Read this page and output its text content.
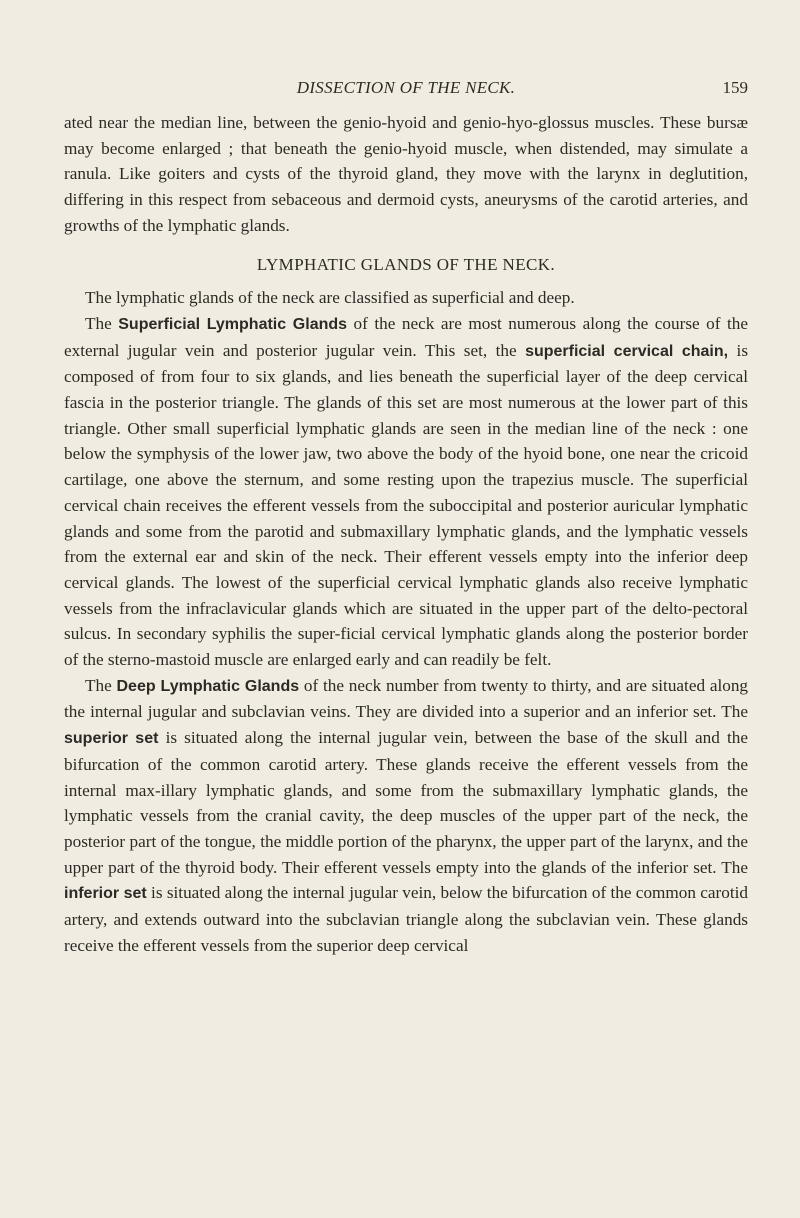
DISSECTION OF THE NECK.	159

ated near the median line, between the genio-hyoid and genio-hyo-glossus muscles. These bursæ may become enlarged ; that beneath the genio-hyoid muscle, when distended, may simulate a ranula. Like goiters and cysts of the thyroid gland, they move with the larynx in deglutition, differing in this respect from sebaceous and dermoid cysts, aneurysms of the carotid arteries, and growths of the lymphatic glands.

LYMPHATIC GLANDS OF THE NECK.

The lymphatic glands of the neck are classified as superficial and deep.

The Superficial Lymphatic Glands of the neck are most numerous along the course of the external jugular vein and posterior jugular vein. This set, the superficial cervical chain, is composed of from four to six glands, and lies beneath the superficial layer of the deep cervical fascia in the posterior triangle. The glands of this set are most numerous at the lower part of this triangle. Other small superficial lymphatic glands are seen in the median line of the neck : one below the symphysis of the lower jaw, two above the body of the hyoid bone, one near the cricoid cartilage, one above the sternum, and some resting upon the trapezius muscle. The superficial cervical chain receives the efferent vessels from the suboccipital and posterior auricular lymphatic glands and some from the parotid and submaxillary lymphatic glands, and the lymphatic vessels from the external ear and skin of the neck. Their efferent vessels empty into the inferior deep cervical glands. The lowest of the superficial cervical lymphatic glands also receive lymphatic vessels from the infraclavicular glands which are situated in the upper part of the delto-pectoral sulcus. In secondary syphilis the super-ficial cervical lymphatic glands along the posterior border of the sterno-mastoid muscle are enlarged early and can readily be felt.

The Deep Lymphatic Glands of the neck number from twenty to thirty, and are situated along the internal jugular and subclavian veins. They are divided into a superior and an inferior set. The superior set is situated along the internal jugular vein, between the base of the skull and the bifurcation of the common carotid artery. These glands receive the efferent vessels from the internal max-illary lymphatic glands, and some from the submaxillary lymphatic glands, the lymphatic vessels from the cranial cavity, the deep muscles of the upper part of the neck, the posterior part of the tongue, the middle portion of the pharynx, the upper part of the larynx, and the upper part of the thyroid body. Their efferent vessels empty into the glands of the inferior set. The inferior set is situated along the internal jugular vein, below the bifurcation of the common carotid artery, and extends outward into the subclavian triangle along the subclavian vein. These glands receive the efferent vessels from the superior deep cervical
